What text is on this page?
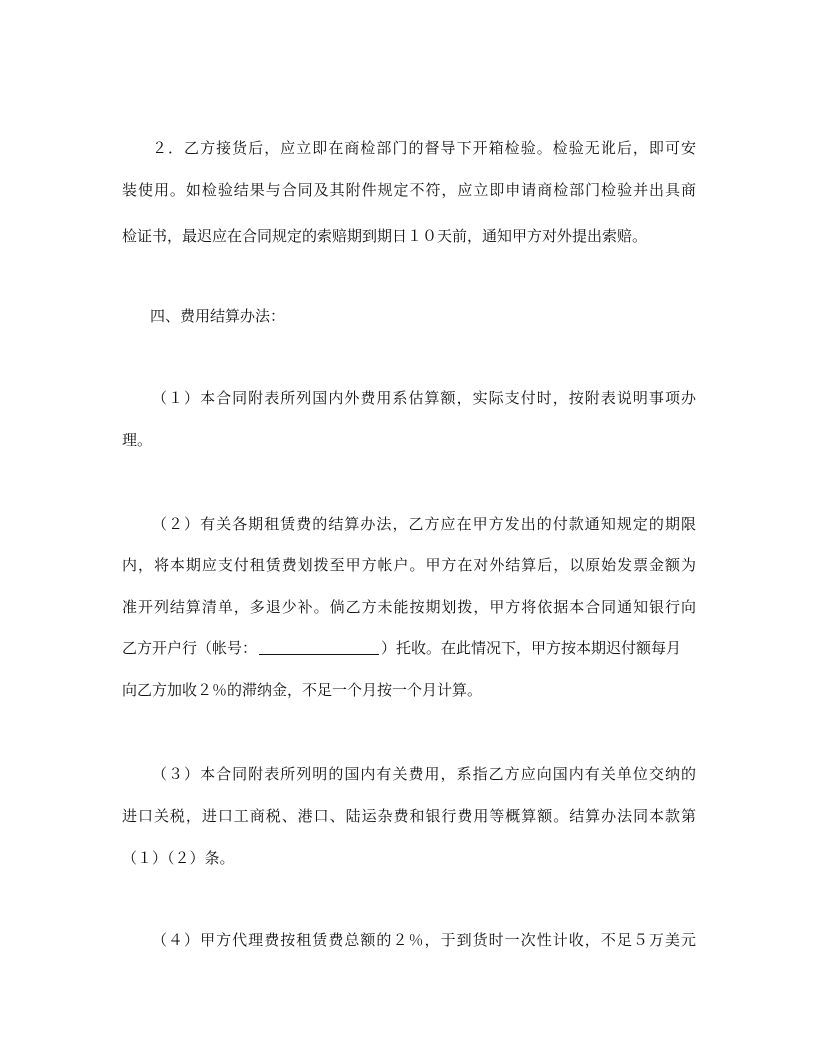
２．乙方接货后，应立即在商检部门的督导下开箱检验。检验无讹后，即可安
装使用。如检验结果与合同及其附件规定不符，应立即申请商检部门检验并出具商
检证书，最迟应在合同规定的索赔期到期日１０天前，通知甲方对外提出索赔。
四、费用结算办法：
（１）本合同附表所列国内外费用系估算额，实际支付时，按附表说明事项办
理。
（２）有关各期租赁费的结算办法，乙方应在甲方发出的付款通知规定的期限
内，将本期应支付租赁费划拨至甲方帐户。甲方在对外结算后，以原始发票金额为
准开列结算清单，多退少补。倘乙方未能按期划拨，甲方将依据本合同通知银行向
乙方开户行（帐号：	）托收。在此情况下，甲方按本期迟付额每月
向乙方加收２％的滞纳金，不足一个月按一个月计算。
（３）本合同附表所列明的国内有关费用，系指乙方应向国内有关单位交纳的
进口关税，进口工商税、港口、陆运杂费和银行费用等概算额。结算办法同本款第
（１）（２）条。
（４）甲方代理费按租赁费总额的２％，于到货时一次性计收，不足５万美元
